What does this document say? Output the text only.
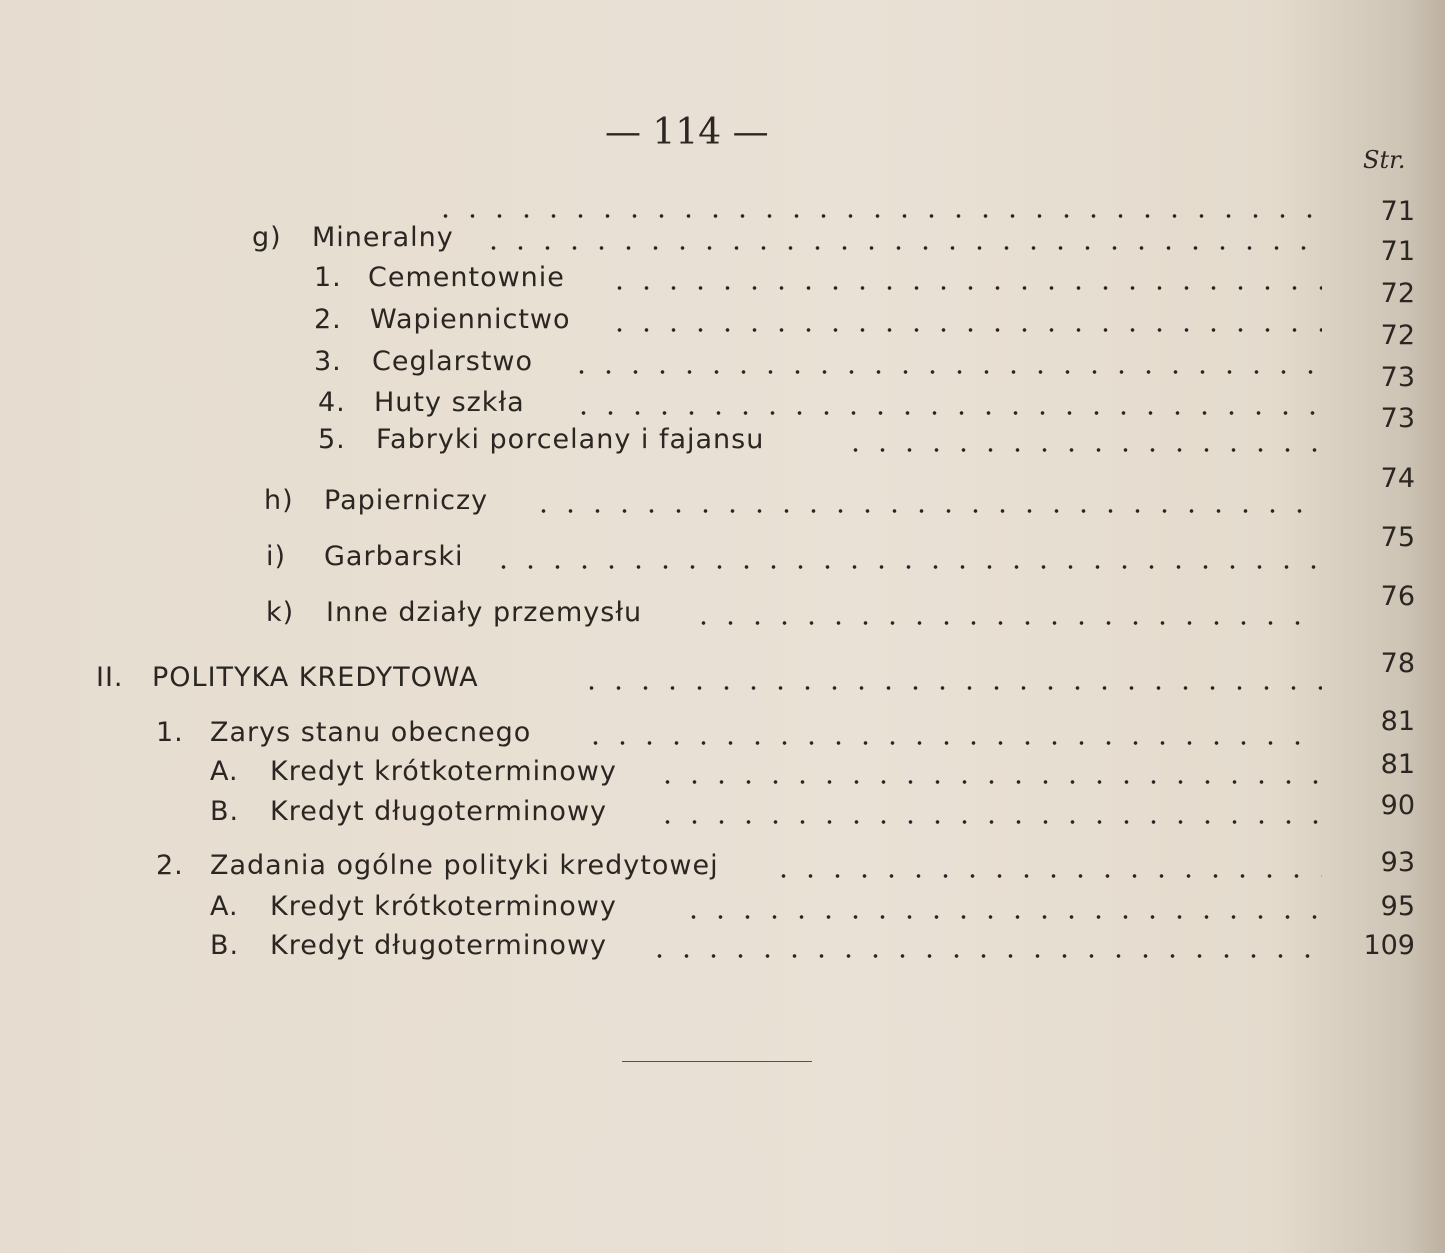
— 114 —
Str.
71
g) Mineralny	71
1. Cementownie
72
2. Wapiennictwo
72
3. Ceglarstwo
73
4. Huty szkła
73
5. Fabryki porcelany i fajansu
74
h) Papierniczy
75
i) Garbarski
76
k) Inne działy przemysłu
78
II. POLITYKA KREDYTOWA
81
1. Zarys stanu obecnego
81
A. Kredyt krótkoterminowy
90
B. Kredyt długoterminowy
93
2. Zadania ogólne polityki kredytowej
95
A. Kredyt krótkoterminowy
109
B. Kredyt długoterminowy
